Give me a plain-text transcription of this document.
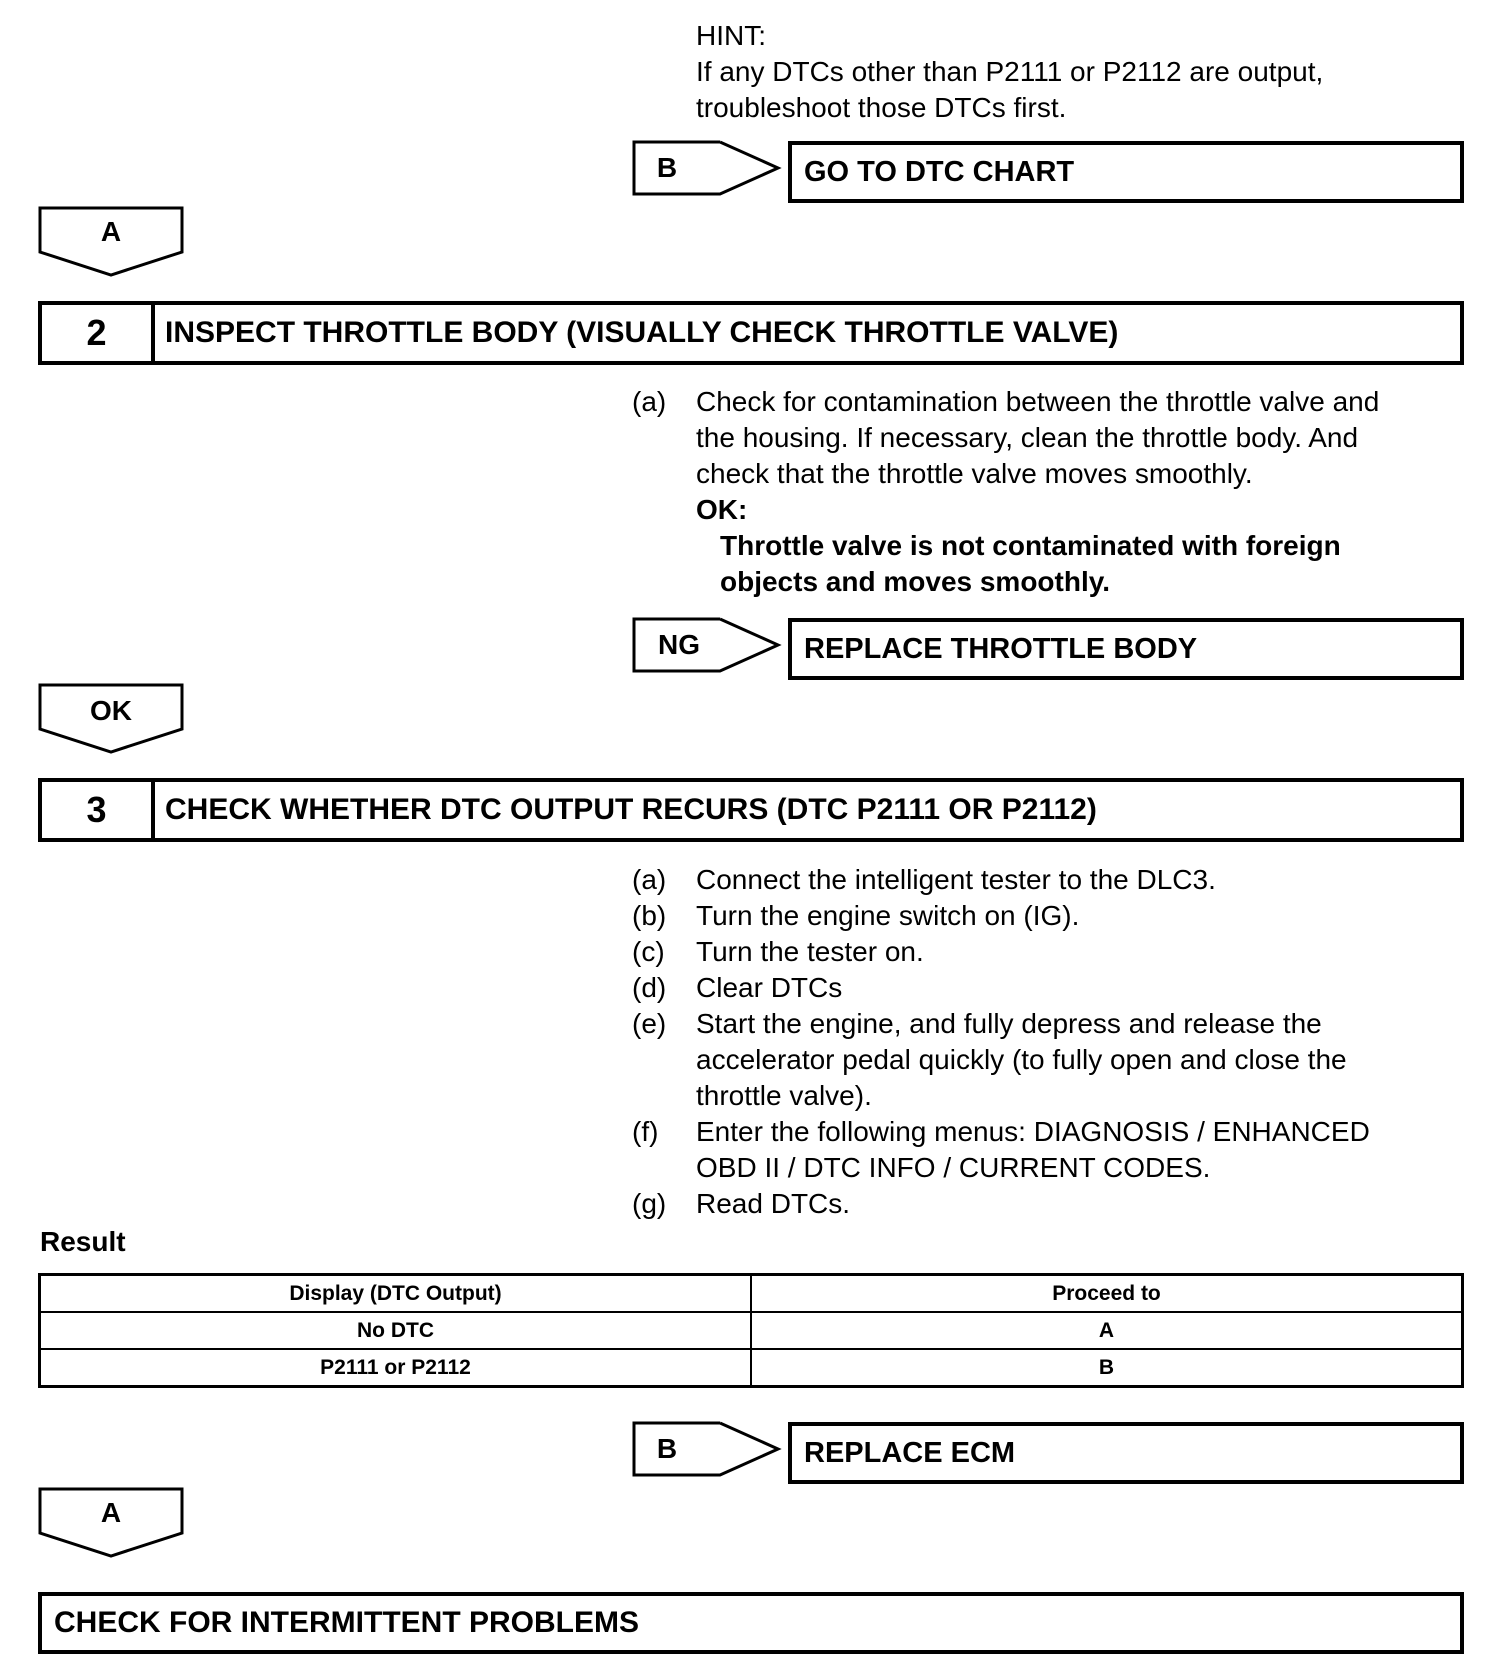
HINT:
If any DTCs other than P2111 or P2112 are output,
troubleshoot those DTCs first.
B	GO TO DTC CHART
A
2	INSPECT THROTTLE BODY (VISUALLY CHECK THROTTLE VALVE)
(a) Check for contamination between the throttle valve and
the housing. If necessary, clean the throttle body. And
check that the throttle valve moves smoothly.
OK:
Throttle valve is not contaminated with foreign
objects and moves smoothly.
NG	REPLACE THROTTLE BODY
OK
3	CHECK WHETHER DTC OUTPUT RECURS (DTC P2111 OR P2112)
(a) Connect the intelligent tester to the DLC3.
(b) Turn the engine switch on (IG).
(c) Turn the tester on.
(d) Clear DTCs
(e) Start the engine, and fully depress and release the
accelerator pedal quickly (to fully open and close the
throttle valve).
(f) Enter the following menus: DIAGNOSIS / ENHANCED
OBD II / DTC INFO / CURRENT CODES.
(g) Read DTCs.
Result
Display (DTC Output)	Proceed to
No DTC	A
P2111 or P2112	B
B	REPLACE ECM
A
CHECK FOR INTERMITTENT PROBLEMS
